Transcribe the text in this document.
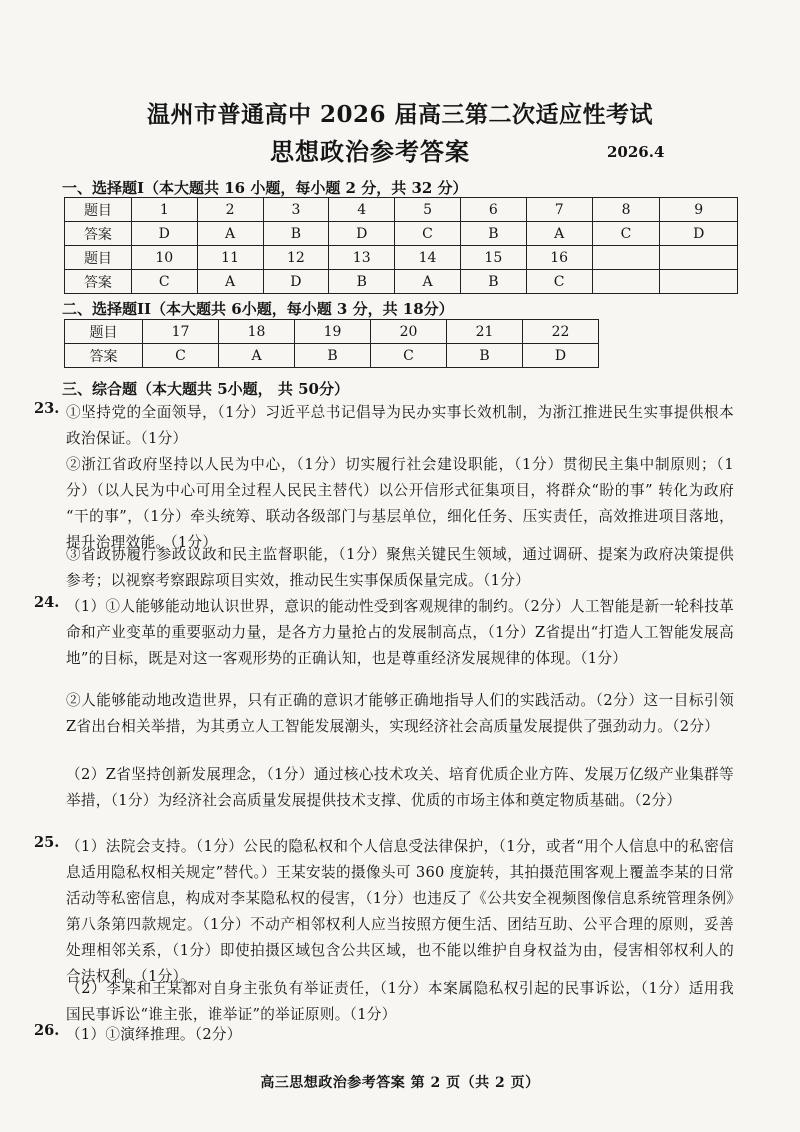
温州市普通高中 2026 届高三第二次适应性考试
思想政治参考答案	2026.4
一、选择题I（本大题共 16 小题，每小题 2 分，共 32 分）
题目	1	2	3	4	5	6	7	8	9
答案	D	A	B	D	C	B	A	C	D
题目	10	11	12	13	14	15	16		
答案	C	A	D	B	A	B	C		
二、选择题II（本大题共 6小题，每小题 3 分，共 18分）
题目	17	18	19	20	21	22
答案	C	A	B	C	B	D
三、综合题（本大题共 5小题， 共 50分）
23. ①坚持党的全面领导，（1分）习近平总书记倡导为民办实事长效机制，为浙江推进民生实事提供根本政治保证。（1分）
②浙江省政府坚持以人民为中心，（1分）切实履行社会建设职能，（1分）贯彻民主集中制原则；（1分）（以人民为中心可用全过程人民民主替代）以公开信形式征集项目，将群众“盼的事” 转化为政府 “干的事”，（1分）牵头统筹、联动各级部门与基层单位，细化任务、压实责任，高效推进项目落地，提升治理效能。（1分）
③省政协履行参政议政和民主监督职能，（1分）聚焦关键民生领域，通过调研、提案为政府决策提供参考；以视察考察跟踪项目实效，推动民生实事保质保量完成。（1分）
24. （1）①人能够能动地认识世界，意识的能动性受到客观规律的制约。（2分）人工智能是新一轮科技革命和产业变革的重要驱动力量，是各方力量抢占的发展制高点，（1分）Z省提出“打造人工智能发展高地”的目标，既是对这一客观形势的正确认知，也是尊重经济发展规律的体现。（1分）
②人能够能动地改造世界，只有正确的意识才能够正确地指导人们的实践活动。（2分）这一目标引领Z省出台相关举措，为其勇立人工智能发展潮头，实现经济社会高质量发展提供了强劲动力。（2分）
（2）Z省坚持创新发展理念，（1分）通过核心技术攻关、培育优质企业方阵、发展万亿级产业集群等举措，（1分）为经济社会高质量发展提供技术支撑、优质的市场主体和奠定物质基础。（2分）
25. （1）法院会支持。（1分）公民的隐私权和个人信息受法律保护，（1分，或者“用个人信息中的私密信息适用隐私权相关规定”替代。）王某安装的摄像头可 360 度旋转，其拍摄范围客观上覆盖李某的日常活动等私密信息，构成对李某隐私权的侵害，（1分）也违反了《公共安全视频图像信息系统管理条例》第八条第四款规定。（1分）不动产相邻权利人应当按照方便生活、团结互助、公平合理的原则，妥善处理相邻关系，（1分）即使拍摄区域包含公共区域，也不能以维护自身权益为由，侵害相邻权利人的合法权利。（1分）。
（2）李某和王某都对自身主张负有举证责任，（1分）本案属隐私权引起的民事诉讼，（1分）适用我国民事诉讼“谁主张，谁举证”的举证原则。（1分）
26. （1）①演绎推理。（2分）
高三思想政治参考答案 第 2 页（共 2 页）
